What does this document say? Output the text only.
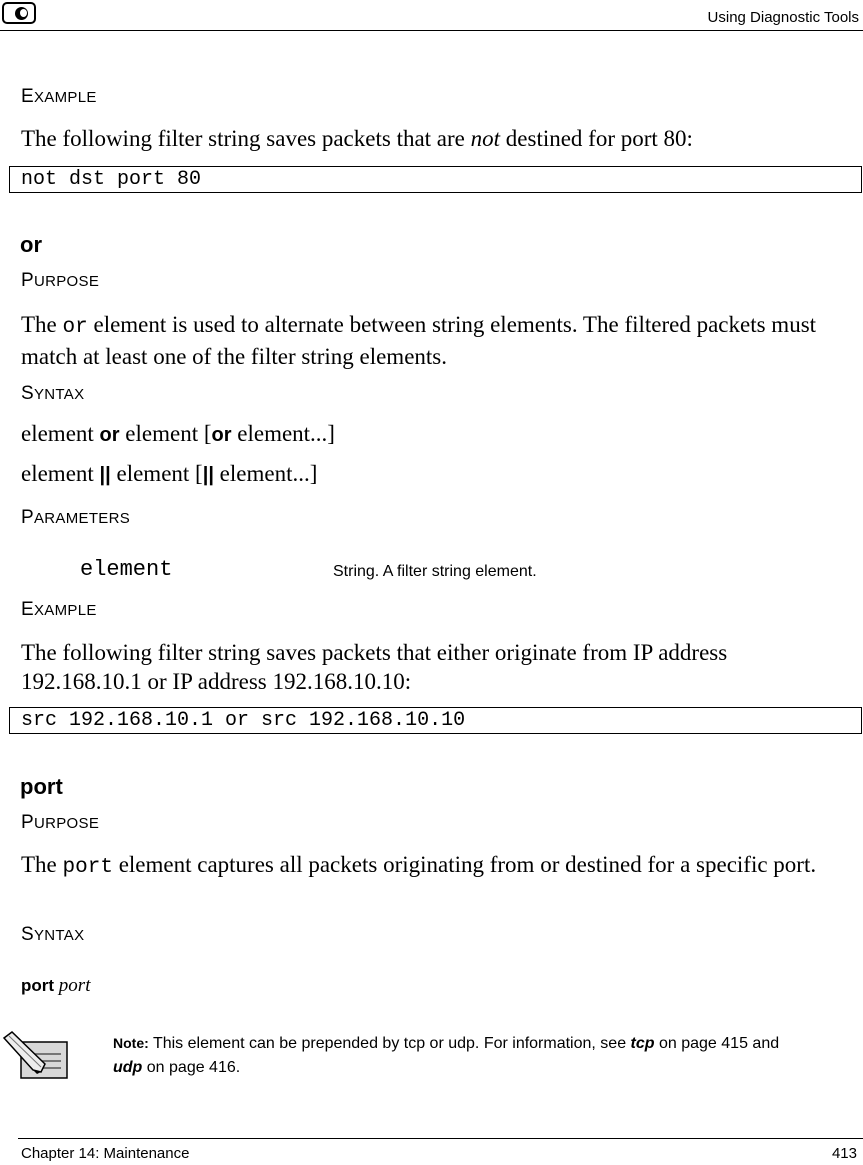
Using Diagnostic Tools
EXAMPLE
The following filter string saves packets that are not destined for port 80:
not dst port 80
or
PURPOSE
The or element is used to alternate between string elements. The filtered packets must match at least one of the filter string elements.
SYNTAX
element or element [or element...]
element || element [|| element...]
PARAMETERS
element	String. A filter string element.
EXAMPLE
The following filter string saves packets that either originate from IP address 192.168.10.1 or IP address 192.168.10.10:
src 192.168.10.1 or src 192.168.10.10
port
PURPOSE
The port element captures all packets originating from or destined for a specific port.
SYNTAX
port port
Note: This element can be prepended by tcp or udp. For information, see tcp on page 415 and udp on page 416.
Chapter 14: Maintenance	413
